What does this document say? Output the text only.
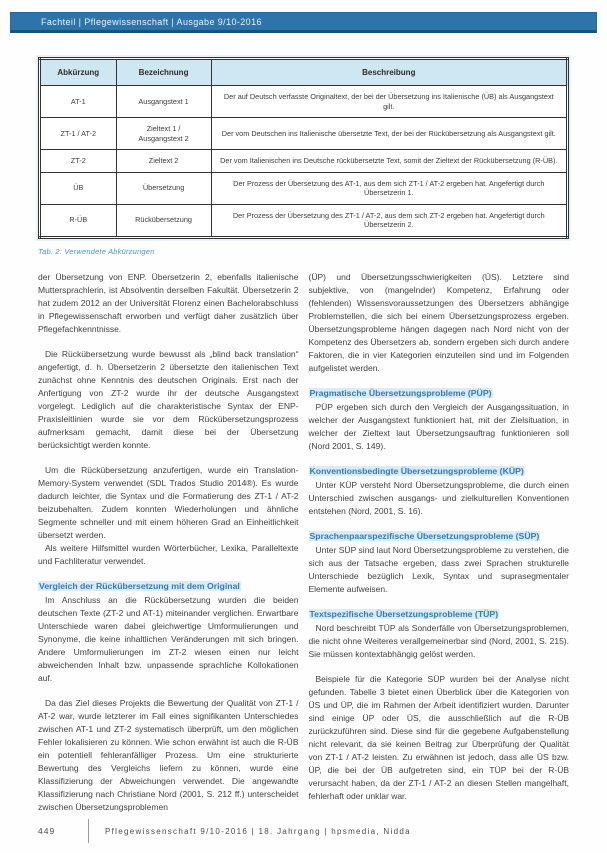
Fachteil | Pflegewissenschaft | Ausgabe 9/10-2016
Abkürzung	Bezeichnung	Beschreibung
AT-1	Ausgangstext 1	Der auf Deutsch verfasste Originaltext, der bei der Übersetzung ins Italienische (ÜB) als Ausgangstext gilt.
ZT-1 / AT-2	Zieltext 1 / Ausgangstext 2	Der vom Deutschen ins Italienische übersetzte Text, der bei der Rückübersetzung als Ausgangstext gilt.
ZT-2	Zieltext 2	Der vom Italienischen ins Deutsche rückübersetzte Text, somit der Zieltext der Rückübersetzung (R-ÜB).
ÜB	Übersetzung	Der Prozess der Übersetzung des AT-1, aus dem sich ZT-1 / AT-2 ergeben hat. Angefertigt durch Übersetzerin 1.
R-ÜB	Rückübersetzung	Der Prozess der Übersetzung des ZT-1 / AT-2, aus dem sich ZT-2 ergeben hat. Angefertigt durch Übersetzerin 2.
Tab. 2: Verwendete Abkürzungen

der Übersetzung von ENP. Übersetzerin 2, ebenfalls italienische Muttersprachlerin, ist Absolventin derselben Fakultät. Übersetzerin 2 hat zudem 2012 an der Universität Florenz einen Bachelorabschluss in Pflegewissenschaft erworben und verfügt daher zusätzlich über Pflegefachkenntnisse.

Die Rückübersetzung wurde bewusst als „blind back translation“ angefertigt, d. h. Übersetzerin 2 übersetzte den italienischen Text zunächst ohne Kenntnis des deutschen Originals. Erst nach der Anfertigung von ZT-2 wurde ihr der deutsche Ausgangstext vorgelegt. Lediglich auf die charakteristische Syntax der ENP-Praxisleitlinien wurde sie vor dem Rückübersetzungsprozess aufmerksam gemacht, damit diese bei der Übersetzung berücksichtigt werden konnte.

Um die Rückübersetzung anzufertigen, wurde ein Translation-Memory-System verwendet (SDL Trados Studio 2014®). Es wurde dadurch leichter, die Syntax und die Formatierung des ZT-1 / AT-2 beizubehalten. Zudem konnten Wiederholungen und ähnliche Segmente schneller und mit einem höheren Grad an Einheitlichkeit übersetzt werden.

Als weitere Hilfsmittel wurden Wörterbücher, Lexika, Paralleltexte und Fachliteratur verwendet.

Vergleich der Rückübersetzung mit dem Original

Im Anschluss an die Rückübersetzung wurden die beiden deutschen Texte (ZT-2 und AT-1) miteinander verglichen. Erwartbare Unterschiede waren dabei gleichwertige Umformulierungen und Synonyme, die keine inhaltlichen Veränderungen mit sich bringen. Andere Umformulierungen im ZT-2 wiesen einen nur leicht abweichenden Inhalt bzw. unpassende sprachliche Kollokationen auf.

Da das Ziel dieses Projekts die Bewertung der Qualität von ZT-1 / AT-2 war, wurde letzterer im Fall eines signifikanten Unterschiedes zwischen AT-1 und ZT-2 systematisch überprüft, um den möglichen Fehler lokalisieren zu können. Wie schon erwähnt ist auch die R-ÜB ein potentiell fehleranfälliger Prozess. Um eine strukturierte Bewertung des Vergleichs liefern zu können, wurde eine Klassifizierung der Abweichungen verwendet. Die angewandte Klassifizierung nach Christiane Nord (2001, S. 212 ff.) unterscheidet zwischen Übersetzungsproblemen

(ÜP) und Übersetzungsschwierigkeiten (ÜS). Letztere sind subjektive, von (mangelnder) Kompetenz, Erfahrung oder (fehlenden) Wissensvoraussetzungen des Übersetzers abhängige Problemstellen, die sich bei einem Übersetzungsprozess ergeben. Übersetzungsprobleme hängen dagegen nach Nord nicht von der Kompetenz des Übersetzers ab, sondern ergeben sich durch andere Faktoren, die in vier Kategorien einzuteilen sind und im Folgenden aufgelistet werden.

Pragmatische Übersetzungsprobleme (PÜP)

PÜP ergeben sich durch den Vergleich der Ausgangssituation, in welcher der Ausgangstext funktioniert hat, mit der Zielsituation, in welcher der Zieltext laut Übersetzungsauftrag funktionieren soll (Nord 2001, S. 149).

Konventionsbedingte Übersetzungsprobleme (KÜP)

Unter KÜP versteht Nord Übersetzungsprobleme, die durch einen Unterschied zwischen ausgangs- und zielkulturellen Konventionen entstehen (Nord, 2001, S. 16).

Sprachenpaarspezifische Übersetzungsprobleme (SÜP)

Unter SÜP sind laut Nord Übersetzungsprobleme zu verstehen, die sich aus der Tatsache ergeben, dass zwei Sprachen strukturelle Unterschiede bezüglich Lexik, Syntax und suprasegmentaler Elemente aufweisen.

Textspezifische Übersetzungsprobleme (TÜP)

Nord beschreibt TÜP als Sonderfälle von Übersetzungsproblemen, die nicht ohne Weiteres verallgemeinerbar sind (Nord, 2001, S. 215). Sie müssen kontextabhängig gelöst werden.

Beispiele für die Kategorie SÜP wurden bei der Analyse nicht gefunden. Tabelle 3 bietet einen Überblick über die Kategorien von ÜS und ÜP, die im Rahmen der Arbeit identifiziert wurden. Darunter sind einige ÜP oder ÜS, die ausschließlich auf die R-ÜB zurückzuführen sind. Diese sind für die gegebene Aufgabenstellung nicht relevant, da sie keinen Beitrag zur Überprüfung der Qualität von ZT-1 / AT-2 leisten. Zu erwähnen ist jedoch, dass alle ÜS bzw. ÜP, die bei der ÜB aufgetreten sind, ein TÜP bei der R-ÜB verursacht haben, da der ZT-1 / AT-2 an diesen Stellen mangelhaft, fehlerhaft oder unklar war.

449	Pflegewissenschaft 9/10-2016 | 18. Jahrgang | hpsmedia, Nidda
